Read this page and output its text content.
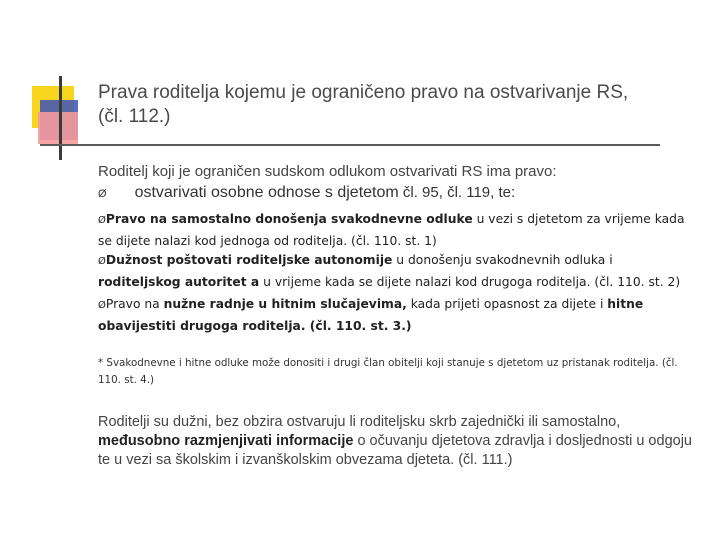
Prava roditelja kojemu je ograničeno pravo na ostvarivanje RS,
(čl. 112.)
Roditelj koji je ograničen sudskom odlukom ostvarivati RS ima pravo:
Ø ostvarivati osobne odnose s djetetom čl. 95, čl. 119, te:

ØPravo na samostalno donošenja svakodnevne odluke u vezi s djetetom za vrijeme kada se dijete nalazi kod jednoga od roditelja. (čl. 110. st. 1)

ØDužnost poštovati roditeljske autonomije u donošenju svakodnevnih odluka i roditeljskog autoritet a u vrijeme kada se dijete nalazi kod drugoga roditelja. (čl. 110. st. 2)

ØPravo na nužne radnje u hitnim slučajevima, kada prijeti opasnost za dijete i hitne obavijestiti drugoga roditelja. (čl. 110. st. 3.)

* Svakodnevne i hitne odluke može donositi i drugi član obitelji koji stanuje s djetetom uz pristanak roditelja. (čl. 110. st. 4.)

Roditelji su dužni, bez obzira ostvaruju li roditeljsku skrb zajednički ili samostalno, međusobno razmjenjivati informacije o očuvanju djetetova zdravlja i dosljednosti u odgoju te u vezi sa školskim i izvanškolskim obvezama djeteta. (čl. 111.)
